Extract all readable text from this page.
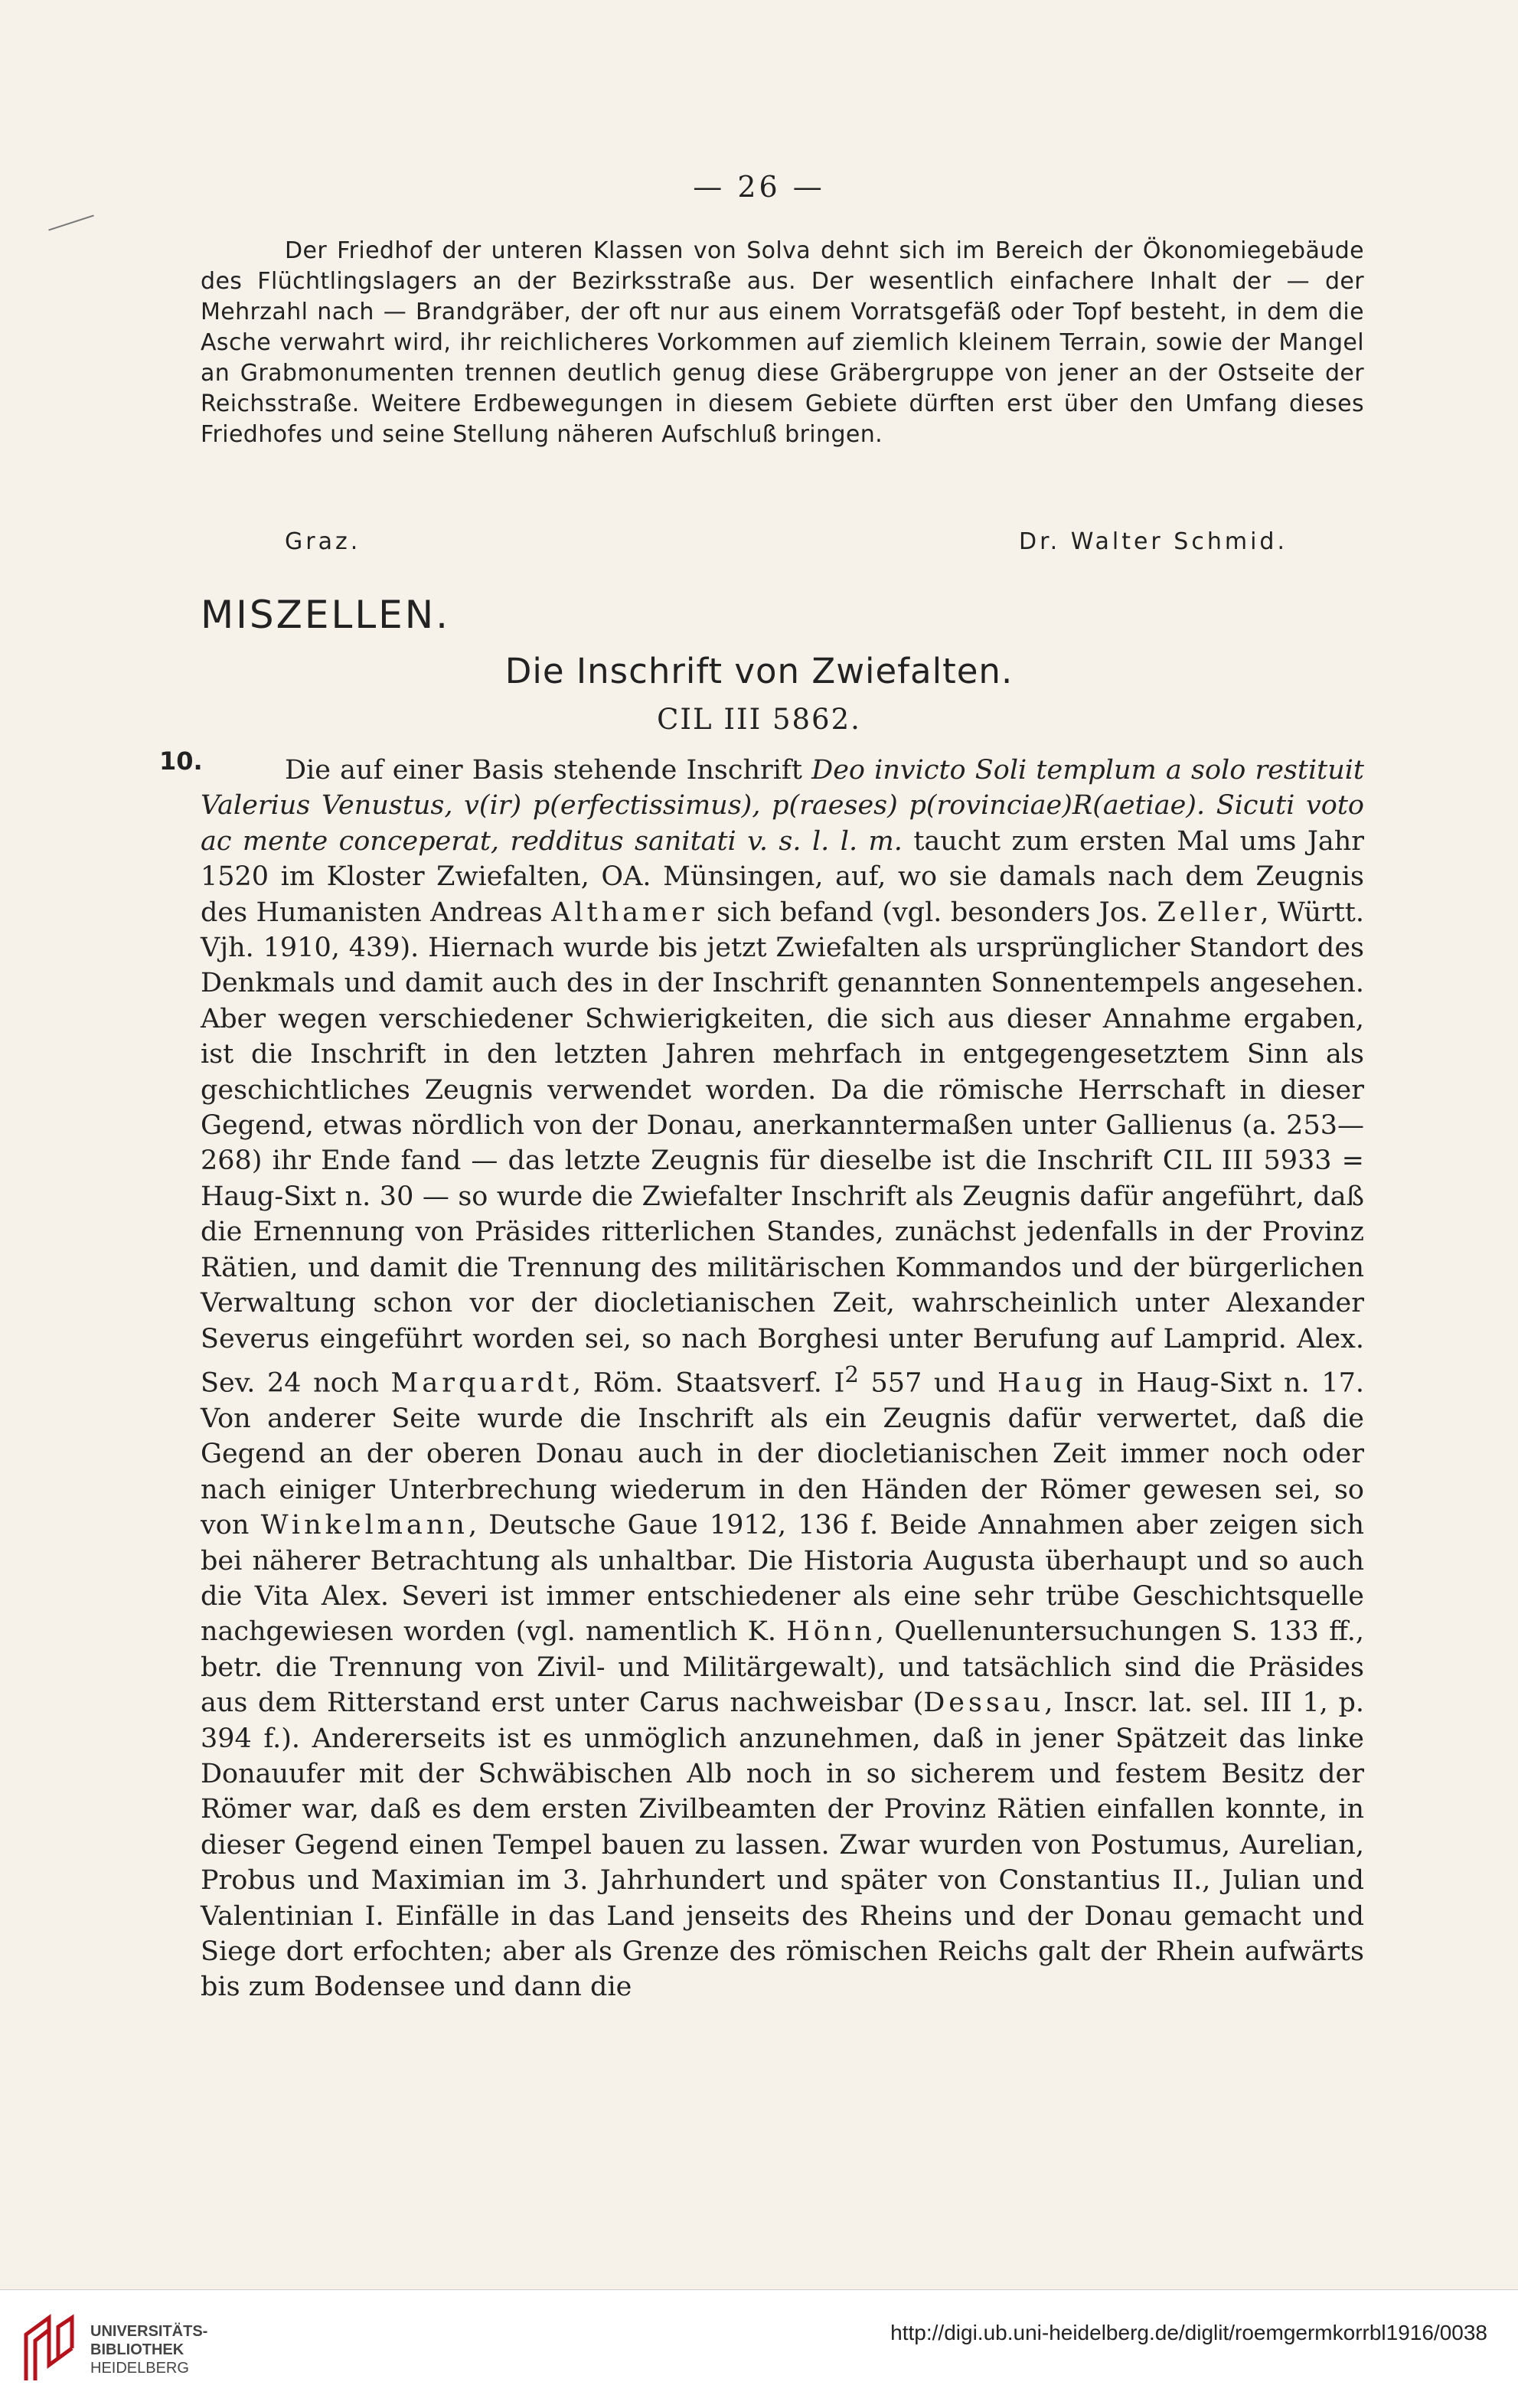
— 26 —

Der Friedhof der unteren Klassen von Solva dehnt sich im Bereich der Ökonomiegebäude des Flüchtlingslagers an der Bezirksstraße aus. Der wesentlich einfachere Inhalt der — der Mehrzahl nach — Brandgräber, der oft nur aus einem Vorratsgefäß oder Topf besteht, in dem die Asche verwahrt wird, ihr reichlicheres Vorkommen auf ziemlich kleinem Terrain, sowie der Mangel an Grabmonumenten trennen deutlich genug diese Gräbergruppe von jener an der Ostseite der Reichsstraße. Weitere Erdbewegungen in diesem Gebiete dürften erst über den Umfang dieses Friedhofes und seine Stellung näheren Aufschluß bringen.

Graz.	Dr. Walter Schmid.
MISZELLEN.
Die Inschrift von Zwiefalten.
CIL III 5862.
10.	Die auf einer Basis stehende Inschrift Deo invicto Soli templum a solo restituit Valerius Venustus, v(ir) p(erfectissimus), p(raeses) p(rovinciae)R(aetiae). Sicuti voto ac mente conceperat, redditus sanitati v. s. l. l. m. taucht zum ersten Mal ums Jahr 1520 im Kloster Zwiefalten, OA. Münsingen, auf, wo sie damals nach dem Zeugnis des Humanisten Andreas Althamer sich befand (vgl. besonders Jos. Zeller, Württ. Vjh. 1910, 439). Hiernach wurde bis jetzt Zwiefalten als ursprünglicher Standort des Denkmals und damit auch des in der Inschrift genannten Sonnentempels angesehen. Aber wegen verschiedener Schwierigkeiten, die sich aus dieser Annahme ergaben, ist die Inschrift in den letzten Jahren mehrfach in entgegengesetztem Sinn als geschichtliches Zeugnis verwendet worden. Da die römische Herrschaft in dieser Gegend, etwas nördlich von der Donau, anerkanntermaßen unter Gallienus (a. 253—268) ihr Ende fand — das letzte Zeugnis für dieselbe ist die Inschrift CIL III 5933 = Haug-Sixt n. 30 — so wurde die Zwiefalter Inschrift als Zeugnis dafür angeführt, daß die Ernennung von Präsides ritterlichen Standes, zunächst jedenfalls in der Provinz Rätien, und damit die Trennung des militärischen Kommandos und der bürgerlichen Verwaltung schon vor der diocletianischen Zeit, wahrscheinlich unter Alexander Severus eingeführt worden sei, so nach Borghesi unter Berufung auf Lamprid. Alex. Sev. 24 noch Marquardt, Röm. Staatsverf. $I^2$ 557 und Haug in Haug-Sixt n. 17. Von anderer Seite wurde die Inschrift als ein Zeugnis dafür verwertet, daß die Gegend an der oberen Donau auch in der diocletianischen Zeit immer noch oder nach einiger Unterbrechung wiederum in den Händen der Römer gewesen sei, so von Winkelmann, Deutsche Gaue 1912, 136 f. Beide Annahmen aber zeigen sich bei näherer Betrachtung als unhaltbar. Die Historia Augusta überhaupt und so auch die Vita Alex. Severi ist immer entschiedener als eine sehr trübe Geschichtsquelle nachgewiesen worden (vgl. namentlich K. Hönn, Quellenuntersuchungen S. 133 ff., betr. die Trennung von Zivil- und Militärgewalt), und tatsächlich sind die Präsides aus dem Ritterstand erst unter Carus nachweisbar (Dessau, Inscr. lat. sel. III 1, p. 394 f.). Andererseits ist es unmöglich anzunehmen, daß in jener Spätzeit das linke Donauufer mit der Schwäbischen Alb noch in so sicherem und festem Besitz der Römer war, daß es dem ersten Zivilbeamten der Provinz Rätien einfallen konnte, in dieser Gegend einen Tempel bauen zu lassen. Zwar wurden von Postumus, Aurelian, Probus und Maximian im 3. Jahrhundert und später von Constantius II., Julian und Valentinian I. Einfälle in das Land jenseits des Rheins und der Donau gemacht und Siege dort erfochten; aber als Grenze des römischen Reichs galt der Rhein aufwärts bis zum Bodensee und dann die

UNIVERSITÄTS-
BIBLIOTHEK
HEIDELBERG
http://digi.ub.uni-heidelberg.de/diglit/roemgermkorrbl1916/0038
